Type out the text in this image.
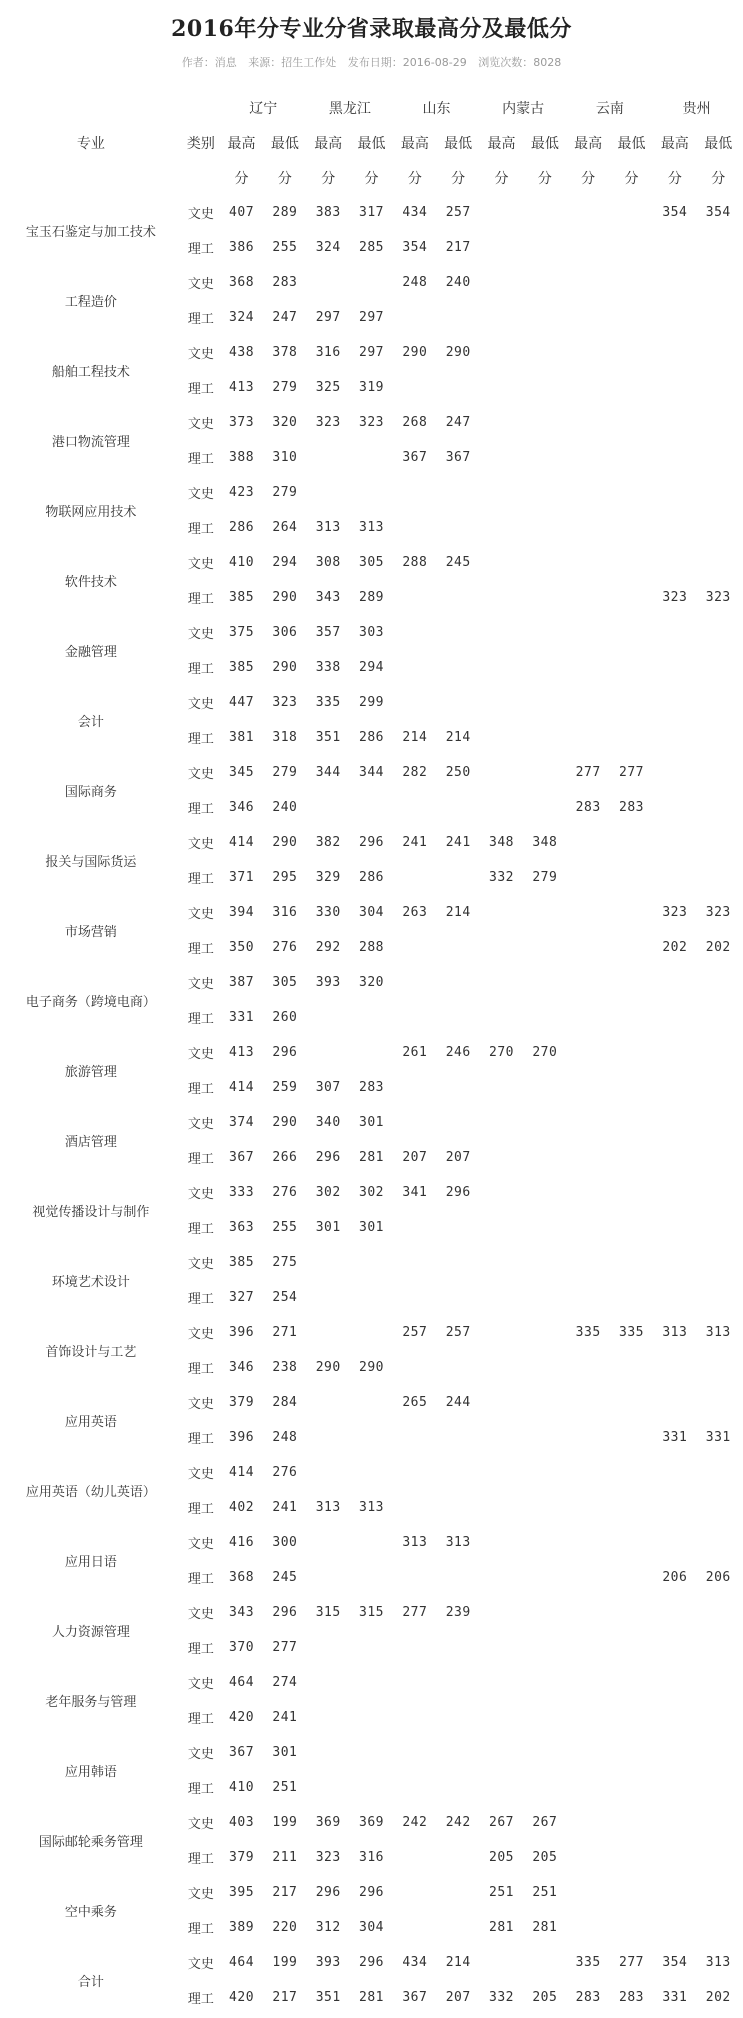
2016年分专业分省录取最高分及最低分
作者：消息 来源：招生工作处 发布日期：2016-08-29 浏览次数：8028
专业		辽宁		黑龙江		山东		内蒙古		云南		贵州	
	类别	最高	最低	最高	最低	最高	最低	最高	最低	最高	最低	最高	最低
		分	分	分	分	分	分	分	分	分	分	分	分
宝玉石鉴定与加工技术	文史	407	289	383	317	434	257					354	354
	理工	386	255	324	285	354	217						
工程造价	文史	368	283			248	240						
	理工	324	247	297	297								
船舶工程技术	文史	438	378	316	297	290	290						
	理工	413	279	325	319								
港口物流管理	文史	373	320	323	323	268	247						
	理工	388	310			367	367						
物联网应用技术	文史	423	279										
	理工	286	264	313	313								
软件技术	文史	410	294	308	305	288	245						
	理工	385	290	343	289							323	323
金融管理	文史	375	306	357	303								
	理工	385	290	338	294								
会计	文史	447	323	335	299								
	理工	381	318	351	286	214	214						
国际商务	文史	345	279	344	344	282	250			277	277		
	理工	346	240							283	283		
报关与国际货运	文史	414	290	382	296	241	241	348	348				
	理工	371	295	329	286			332	279				
市场营销	文史	394	316	330	304	263	214					323	323
	理工	350	276	292	288							202	202
电子商务（跨境电商）	文史	387	305	393	320								
	理工	331	260										
旅游管理	文史	413	296			261	246	270	270				
	理工	414	259	307	283								
酒店管理	文史	374	290	340	301								
	理工	367	266	296	281	207	207						
视觉传播设计与制作	文史	333	276	302	302	341	296						
	理工	363	255	301	301								
环境艺术设计	文史	385	275										
	理工	327	254										
首饰设计与工艺	文史	396	271			257	257			335	335	313	313
	理工	346	238	290	290								
应用英语	文史	379	284			265	244						
	理工	396	248									331	331
应用英语（幼儿英语）	文史	414	276										
	理工	402	241	313	313								
应用日语	文史	416	300			313	313						
	理工	368	245									206	206
人力资源管理	文史	343	296	315	315	277	239						
	理工	370	277										
老年服务与管理	文史	464	274										
	理工	420	241										
应用韩语	文史	367	301										
	理工	410	251										
国际邮轮乘务管理	文史	403	199	369	369	242	242	267	267				
	理工	379	211	323	316			205	205				
空中乘务	文史	395	217	296	296			251	251				
	理工	389	220	312	304			281	281				
合计	文史	464	199	393	296	434	214			335	277	354	313
	理工	420	217	351	281	367	207	332	205	283	283	331	202
